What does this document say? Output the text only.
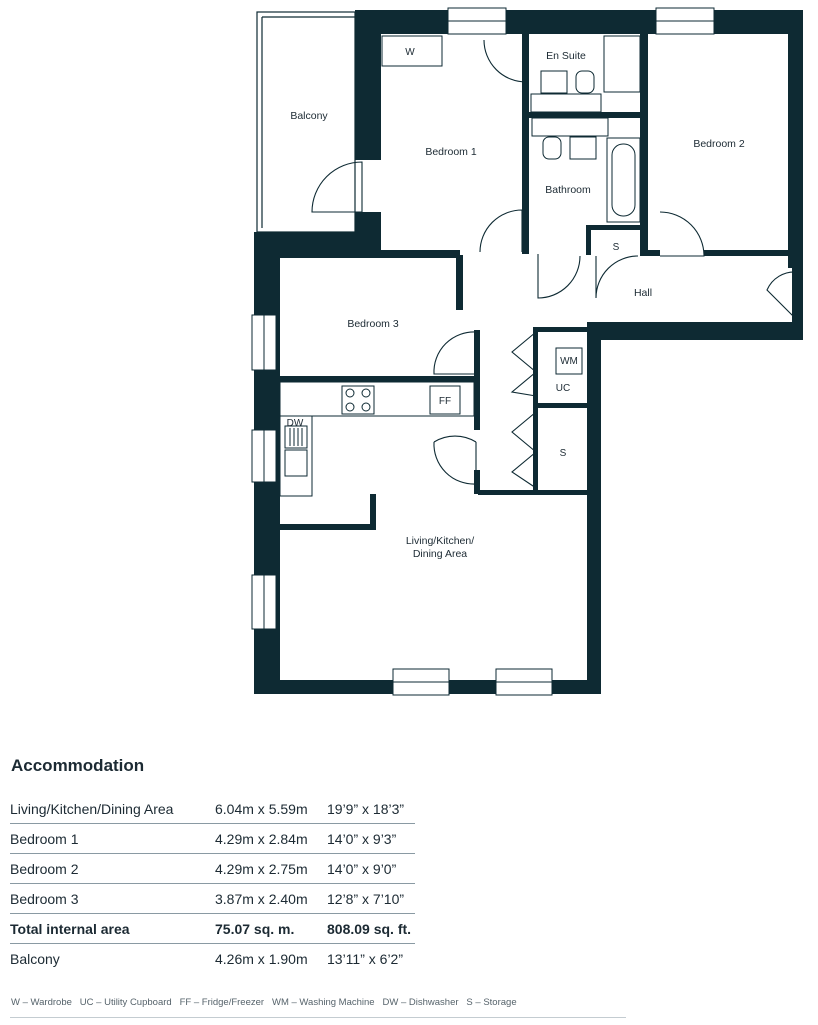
Balcony
W	En Suite
Bedroom 1
Bedroom 2
Bathroom
S
Hall
Bedroom 3
WM
UC
FF
DW
S
Living/Kitchen/
Dining Area
Accommodation
Living/Kitchen/Dining Area	6.04m x 5.59m	19’9” x 18’3”
Bedroom 1	4.29m x 2.84m	14’0” x 9’3”
Bedroom 2	4.29m x 2.75m	14’0” x 9’0”
Bedroom 3	3.87m x 2.40m	12’8” x 7’10”
Total internal area	75.07 sq. m.	808.09 sq. ft.
Balcony	4.26m x 1.90m	13’11” x 6’2”
W – Wardrobe   UC – Utility Cupboard   FF – Fridge/Freezer   WM – Washing Machine   DW – Dishwasher   S – Storage
